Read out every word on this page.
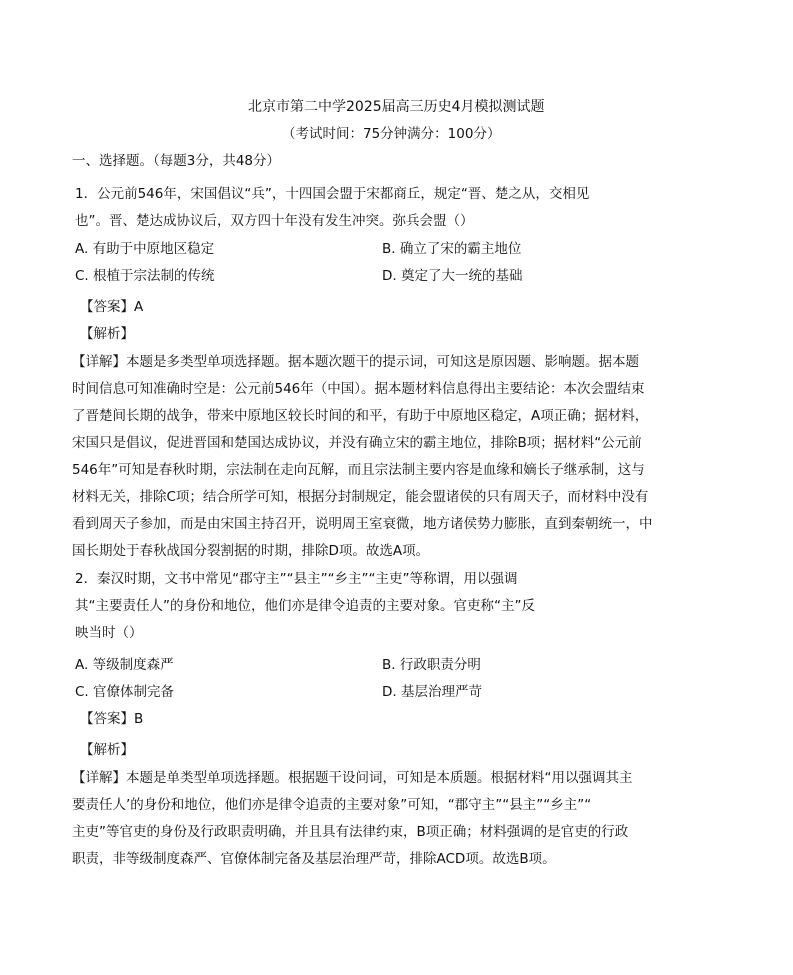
北京市第二中学2025届高三历史4月模拟测试题
（考试时间：75分钟满分：100分）
一、选择题。（每题3分，共48分）
1．公元前546年，宋国倡议“兵”，十四国会盟于宋都商丘，规定“晋、楚之从，交相见
也”。晋、楚达成协议后，双方四十年没有发生冲突。弥兵会盟（）
A. 有助于中原地区稳定	B. 确立了宋的霸主地位
C. 根植于宗法制的传统	D. 奠定了大一统的基础
【答案】A
【解析】
【详解】本题是多类型单项选择题。据本题次题干的提示词，可知这是原因题、影响题。据本题
时间信息可知准确时空是：公元前546年（中国）。据本题材料信息得出主要结论：本次会盟结束
了晋楚间长期的战争，带来中原地区较长时间的和平，有助于中原地区稳定，A项正确；据材料，
宋国只是倡议，促进晋国和楚国达成协议，并没有确立宋的霸主地位，排除B项；据材料“公元前
546年”可知是春秋时期，宗法制在走向瓦解，而且宗法制主要内容是血缘和嫡长子继承制，这与
材料无关，排除C项；结合所学可知，根据分封制规定，能会盟诸侯的只有周天子，而材料中没有
看到周天子参加，而是由宋国主持召开，说明周王室衰微，地方诸侯势力膨胀，直到秦朝统一，中
国长期处于春秋战国分裂割据的时期，排除D项。故选A项。
2．秦汉时期，文书中常见“郡守主”“县主”“乡主”“主吏”等称谓，用以强调
其“主要责任人”的身份和地位，他们亦是律令追责的主要对象。官吏称“主”反
映当时（）
A. 等级制度森严	B. 行政职责分明
C. 官僚体制完备	D. 基层治理严苛
【答案】B
【解析】
【详解】本题是单类型单项选择题。根据题干设问词，可知是本质题。根据材料“用以强调其主
要责任人’的身份和地位，他们亦是律令追责的主要对象”可知，“郡守主”“县主”“乡主”“
主吏”等官吏的身份及行政职责明确，并且具有法律约束，B项正确；材料强调的是官吏的行政
职责，非等级制度森严、官僚体制完备及基层治理严苛，排除ACD项。故选B项。
